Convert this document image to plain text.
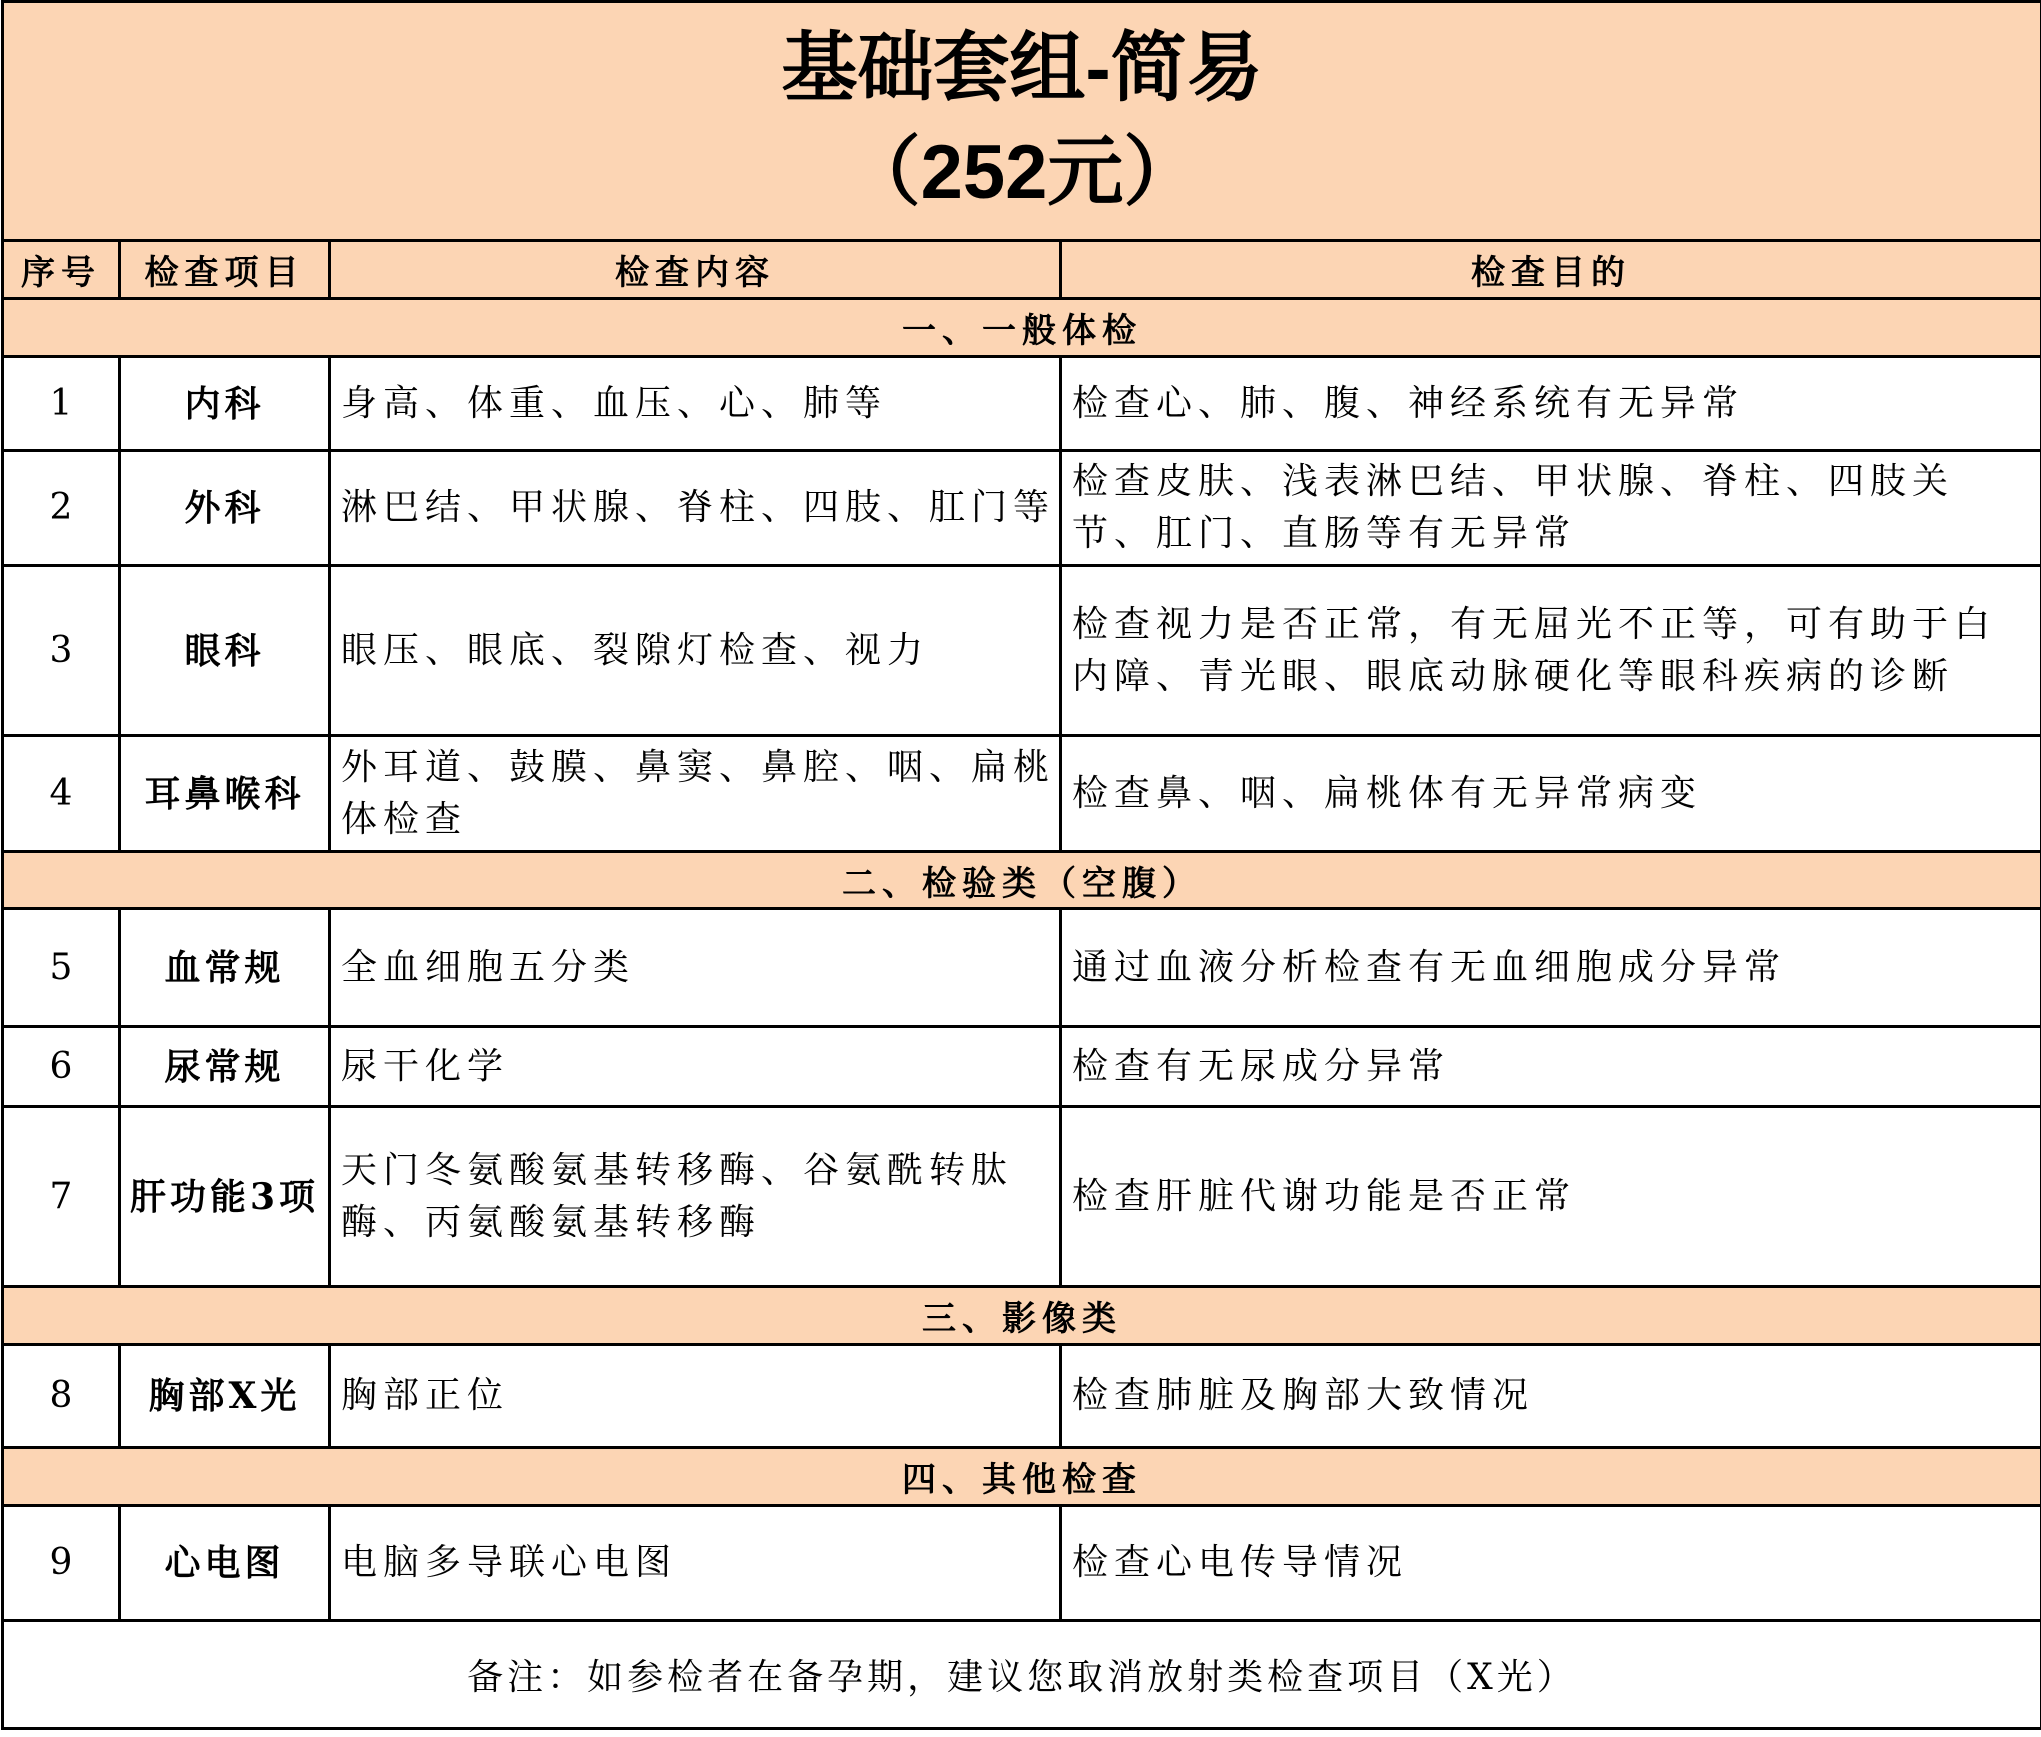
基础套组-简易
（252元）			

序号	检查项目	检查内容	检查目的
一、一般体检			
1	内科	身高、体重、血压、心、肺等	检查心、肺、腹、神经系统有无异常
2	外科	淋巴结、甲状腺、脊柱、四肢、肛门等	检查皮肤、浅表淋巴结、甲状腺、脊柱、四肢关节、肛门、直肠等有无异常
3	眼科	眼压、眼底、裂隙灯检查、视力	检查视力是否正常，有无屈光不正等，可有助于白内障、青光眼、眼底动脉硬化等眼科疾病的诊断
4	耳鼻喉科	外耳道、鼓膜、鼻窦、鼻腔、咽、扁桃体检查	检查鼻、咽、扁桃体有无异常病变
二、检验类（空腹）			
5	血常规	全血细胞五分类	通过血液分析检查有无血细胞成分异常
6	尿常规	尿干化学	检查有无尿成分异常
7	肝功能3项	天门冬氨酸氨基转移酶、谷氨酰转肽酶、丙氨酸氨基转移酶	检查肝脏代谢功能是否正常
三、影像类			
8	胸部X光	胸部正位	检查肺脏及胸部大致情况
四、其他检查			
9	心电图	电脑多导联心电图	检查心电传导情况
备注：如参检者在备孕期，建议您取消放射类检查项目（X光）			
